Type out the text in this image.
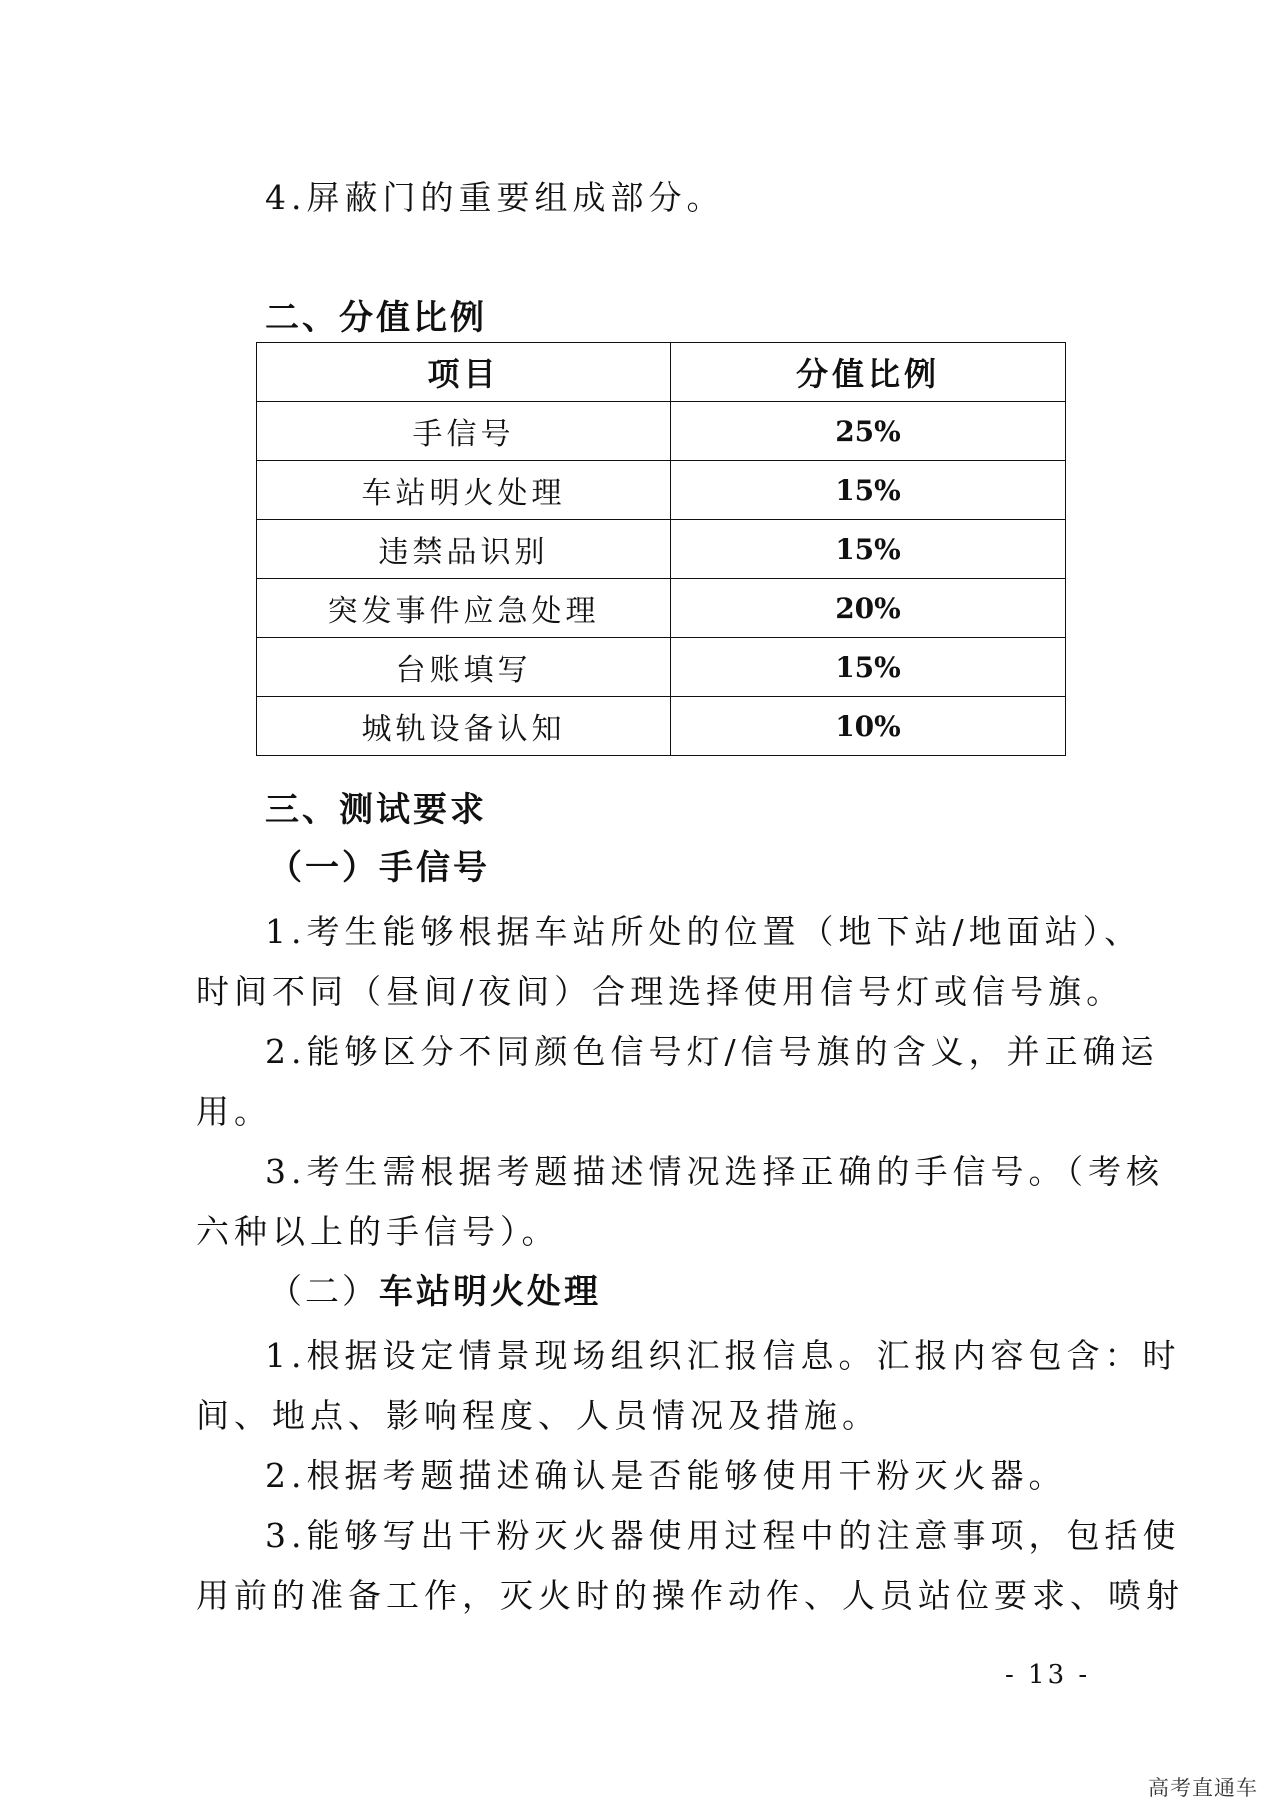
4.屏蔽门的重要组成部分。
二、分值比例
项目	分值比例
手信号	25%
车站明火处理	15%
违禁品识别	15%
突发事件应急处理	20%
台账填写	15%
城轨设备认知	10%
三、测试要求
（一）手信号
1.考生能够根据车站所处的位置（地下站/地面站）、
时间不同（昼间/夜间）合理选择使用信号灯或信号旗。
2.能够区分不同颜色信号灯/信号旗的含义，并正确运
用。
3.考生需根据考题描述情况选择正确的手信号。（考核
六种以上的手信号）。
（二）车站明火处理
1.根据设定情景现场组织汇报信息。汇报内容包含：时
间、地点、影响程度、人员情况及措施。
2.根据考题描述确认是否能够使用干粉灭火器。
3.能够写出干粉灭火器使用过程中的注意事项，包括使
用前的准备工作，灭火时的操作动作、人员站位要求、喷射
- 13 -
高考直通车
